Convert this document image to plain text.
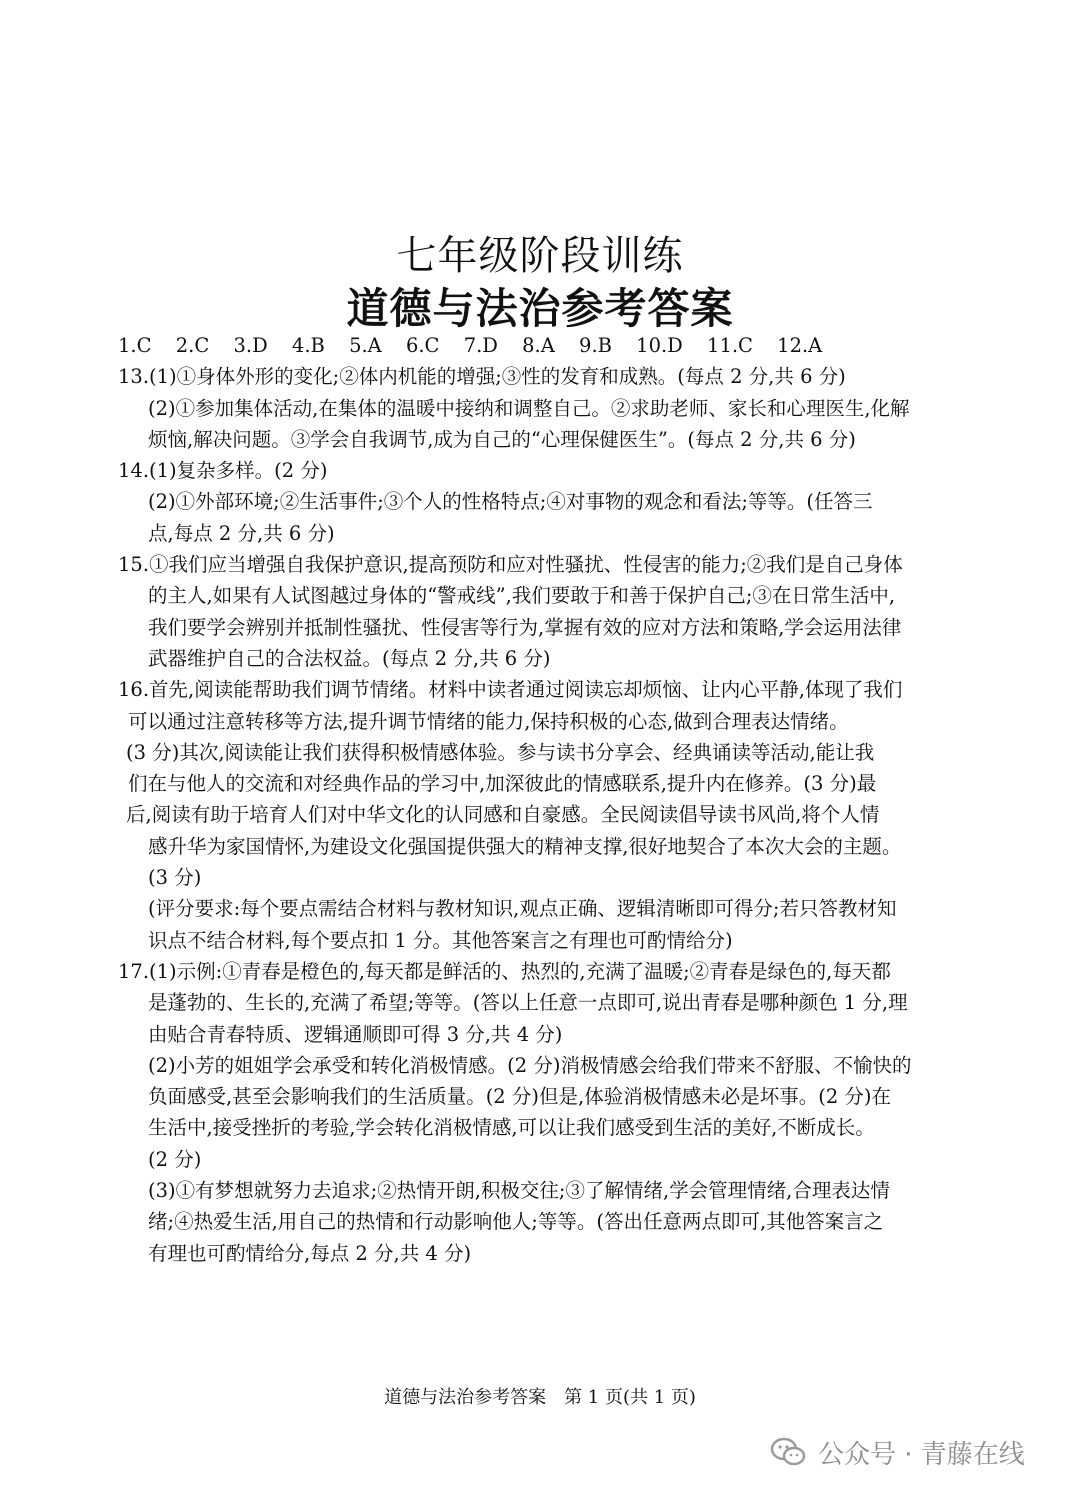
七年级阶段训练
道德与法治参考答案
1.C 2.C 3.D 4.B 5.A 6.C 7.D 8.A 9.B 10.D 11.C 12.A
13.(1)①身体外形的变化;②体内机能的增强;③性的发育和成熟。(每点 2 分,共 6 分)
(2)①参加集体活动,在集体的温暖中接纳和调整自己。②求助老师、家长和心理医生,化解
烦恼,解决问题。③学会自我调节,成为自己的“心理保健医生”。(每点 2 分,共 6 分)
14.(1)复杂多样。(2 分)
(2)①外部环境;②生活事件;③个人的性格特点;④对事物的观念和看法;等等。(任答三
点,每点 2 分,共 6 分)
15.①我们应当增强自我保护意识,提高预防和应对性骚扰、性侵害的能力;②我们是自己身体
的主人,如果有人试图越过身体的“警戒线”,我们要敢于和善于保护自己;③在日常生活中,
我们要学会辨别并抵制性骚扰、性侵害等行为,掌握有效的应对方法和策略,学会运用法律
武器维护自己的合法权益。(每点 2 分,共 6 分)
16.首先,阅读能帮助我们调节情绪。材料中读者通过阅读忘却烦恼、让内心平静,体现了我们
可以通过注意转移等方法,提升调节情绪的能力,保持积极的心态,做到合理表达情绪。
(3 分)其次,阅读能让我们获得积极情感体验。参与读书分享会、经典诵读等活动,能让我
们在与他人的交流和对经典作品的学习中,加深彼此的情感联系,提升内在修养。(3 分)最
后,阅读有助于培育人们对中华文化的认同感和自豪感。全民阅读倡导读书风尚,将个人情
感升华为家国情怀,为建设文化强国提供强大的精神支撑,很好地契合了本次大会的主题。
(3 分)
(评分要求:每个要点需结合材料与教材知识,观点正确、逻辑清晰即可得分;若只答教材知
识点不结合材料,每个要点扣 1 分。其他答案言之有理也可酌情给分)
17.(1)示例:①青春是橙色的,每天都是鲜活的、热烈的,充满了温暖;②青春是绿色的,每天都
是蓬勃的、生长的,充满了希望;等等。(答以上任意一点即可,说出青春是哪种颜色 1 分,理
由贴合青春特质、逻辑通顺即可得 3 分,共 4 分)
(2)小芳的姐姐学会承受和转化消极情感。(2 分)消极情感会给我们带来不舒服、不愉快的
负面感受,甚至会影响我们的生活质量。(2 分)但是,体验消极情感未必是坏事。(2 分)在
生活中,接受挫折的考验,学会转化消极情感,可以让我们感受到生活的美好,不断成长。
(2 分)
(3)①有梦想就努力去追求;②热情开朗,积极交往;③了解情绪,学会管理情绪,合理表达情
绪;④热爱生活,用自己的热情和行动影响他人;等等。(答出任意两点即可,其他答案言之
有理也可酌情给分,每点 2 分,共 4 分)
道德与法治参考答案　第 1 页(共 1 页)
公众号 · 青藤在线
